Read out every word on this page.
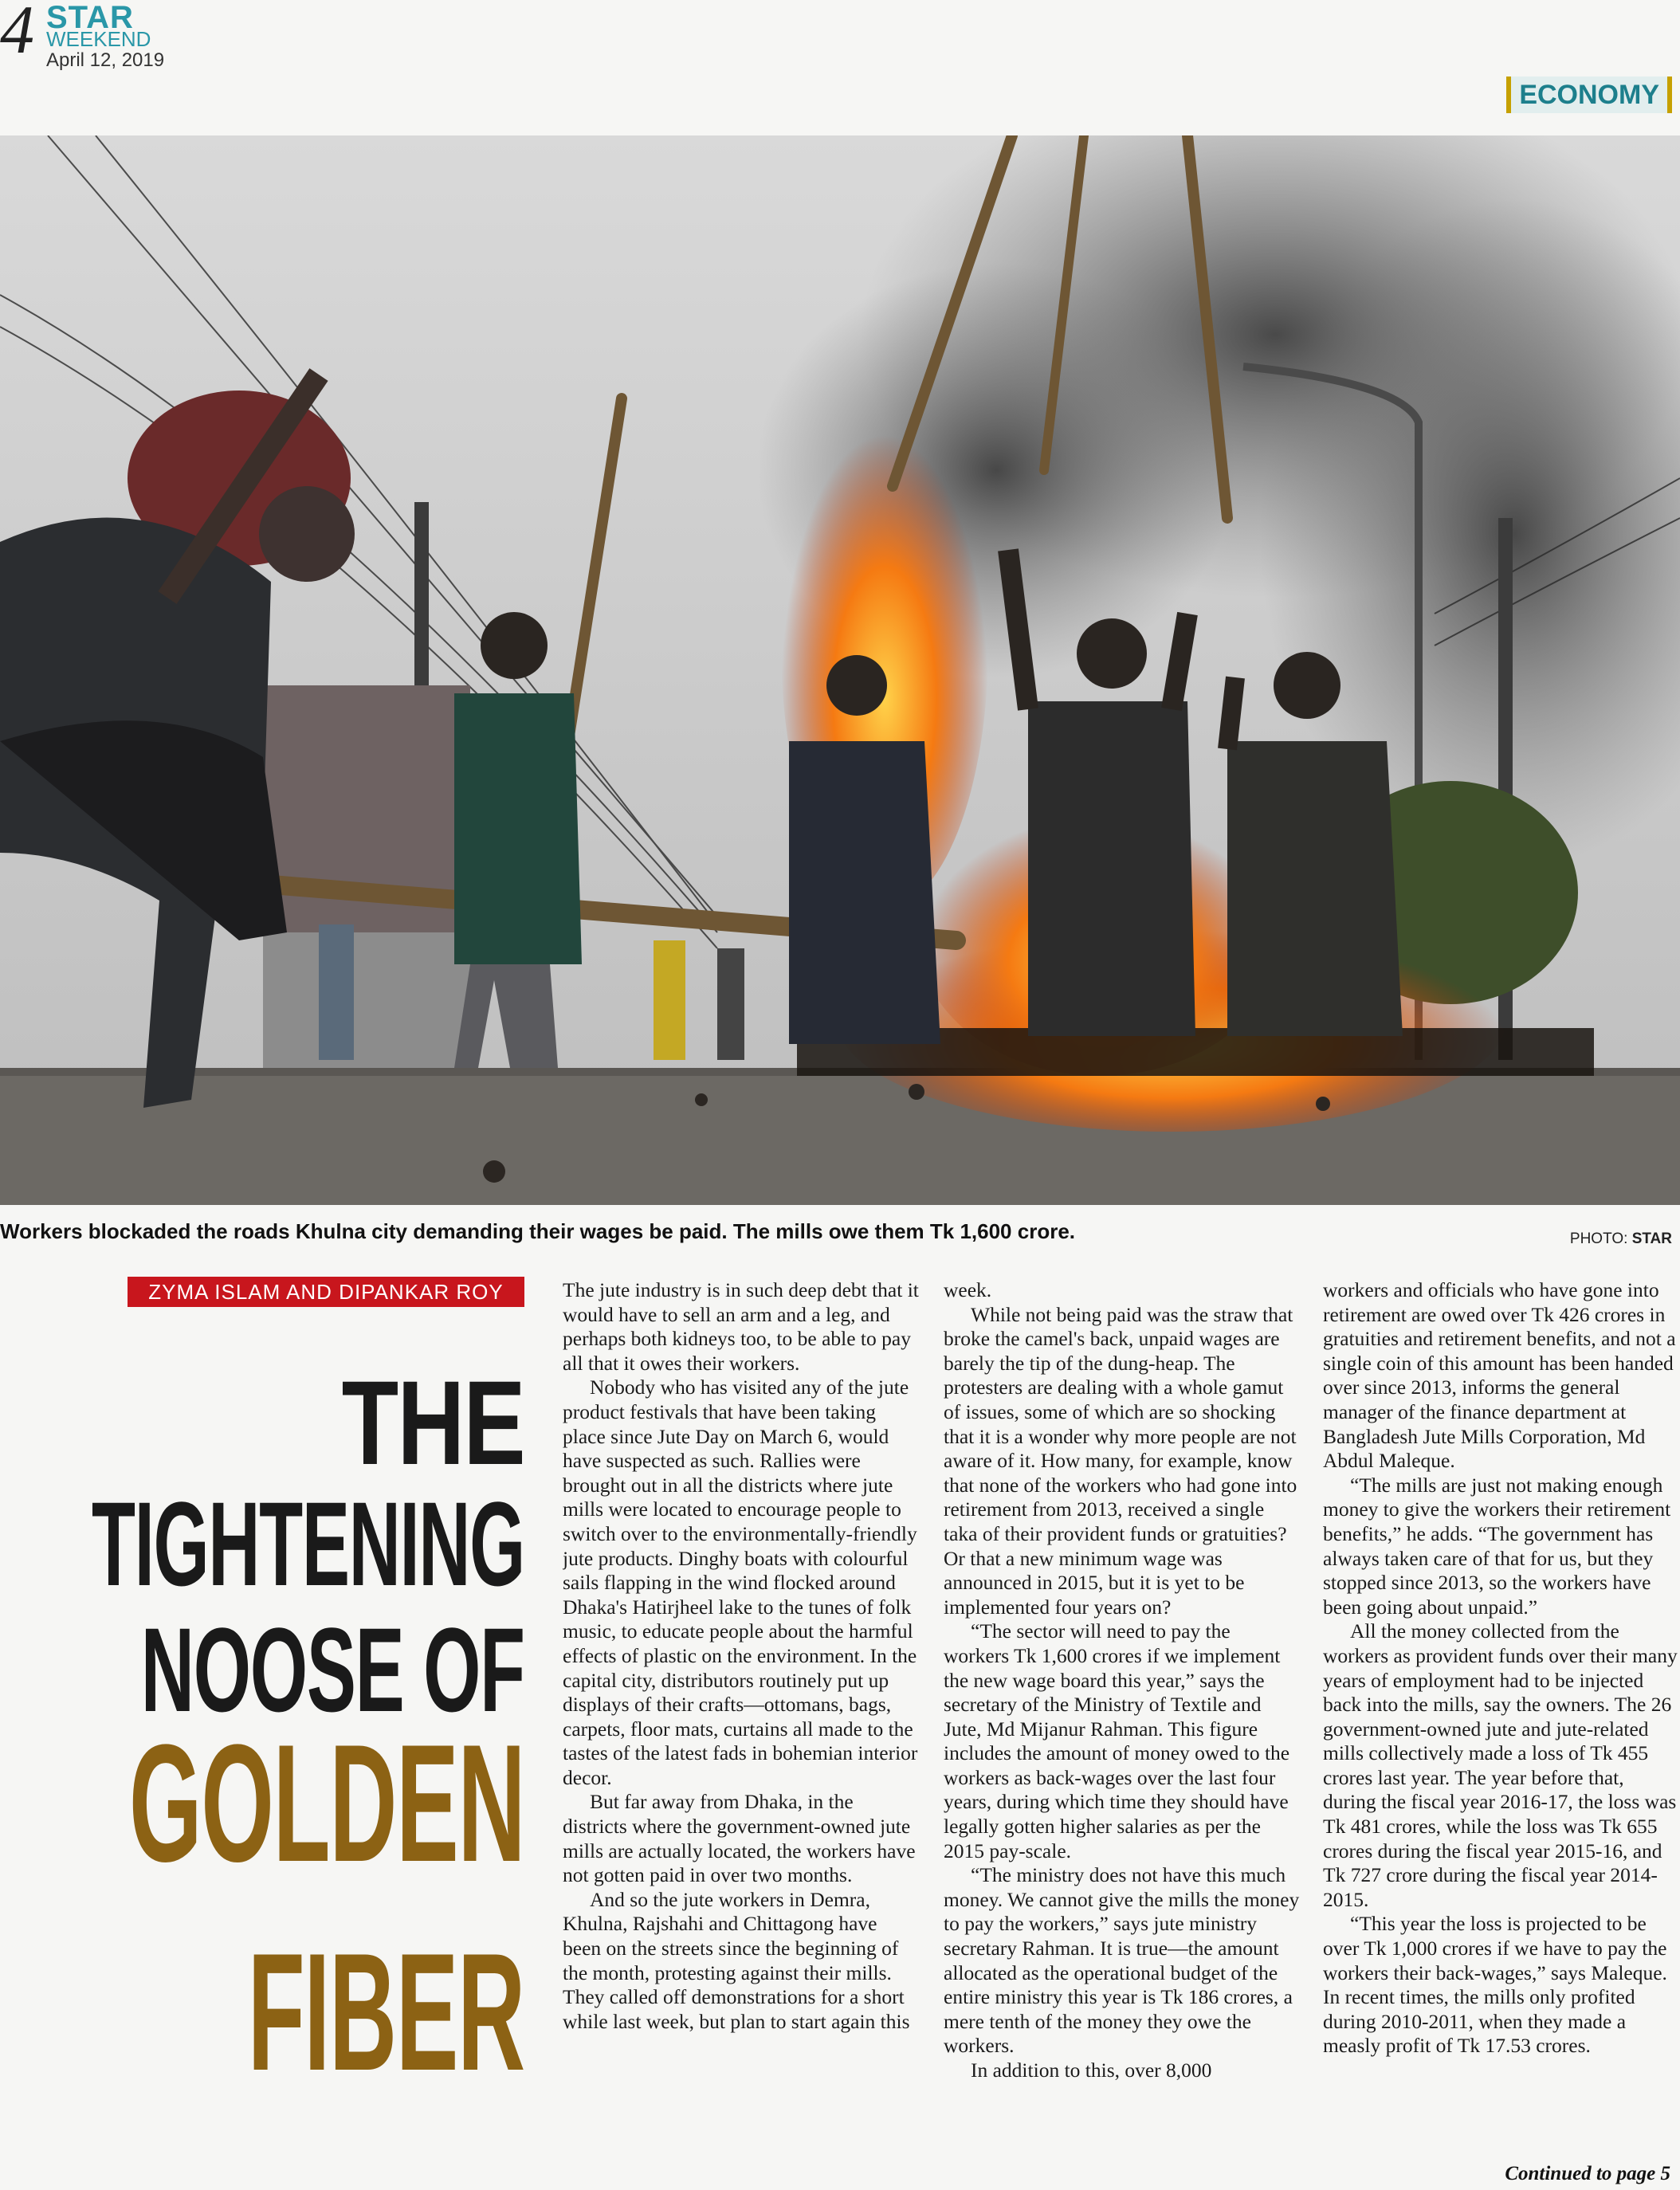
4 STAR
WEEKEND
April 12, 2019
ECONOMY
Workers blockaded the roads Khulna city demanding their wages be paid. The mills owe them Tk 1,600 crore.	PHOTO: STAR
ZYMA ISLAM AND DIPANKAR ROY
THE
TIGHTENING
NOOSE OF
GOLDEN
FIBER

The jute industry is in such deep debt that it would have to sell an arm and a leg, and perhaps both kidneys too, to be able to pay all that it owes their workers.

Nobody who has visited any of the jute product festivals that have been taking place since Jute Day on March 6, would have suspected as such. Rallies were brought out in all the districts where jute mills were located to encourage people to switch over to the environmentally-friendly jute products. Dinghy boats with colourful sails flapping in the wind flocked around Dhaka's Hatirjheel lake to the tunes of folk music, to educate people about the harmful effects of plastic on the environment. In the capital city, distributors routinely put up displays of their crafts—ottomans, bags, carpets, floor mats, curtains all made to the tastes of the latest fads in bohemian interior decor.

But far away from Dhaka, in the districts where the government-owned jute mills are actually located, the workers have not gotten paid in over two months.

And so the jute workers in Demra, Khulna, Rajshahi and Chittagong have been on the streets since the beginning of the month, protesting against their mills. They called off demonstrations for a short while last week, but plan to start again this

week.

While not being paid was the straw that broke the camel's back, unpaid wages are barely the tip of the dung-heap. The protesters are dealing with a whole gamut of issues, some of which are so shocking that it is a wonder why more people are not aware of it. How many, for example, know that none of the workers who had gone into retirement from 2013, received a single taka of their provident funds or gratuities? Or that a new minimum wage was announced in 2015, but it is yet to be implemented four years on?

“The sector will need to pay the workers Tk 1,600 crores if we implement the new wage board this year,” says the secretary of the Ministry of Textile and Jute, Md Mijanur Rahman. This figure includes the amount of money owed to the workers as back-wages over the last four years, during which time they should have legally gotten higher salaries as per the 2015 pay-scale.

“The ministry does not have this much money. We cannot give the mills the money to pay the workers,” says jute ministry secretary Rahman. It is true—the amount allocated as the operational budget of the entire ministry this year is Tk 186 crores, a mere tenth of the money they owe the workers.

In addition to this, over 8,000

workers and officials who have gone into retirement are owed over Tk 426 crores in gratuities and retirement benefits, and not a single coin of this amount has been handed over since 2013, informs the general manager of the finance department at Bangladesh Jute Mills Corporation, Md Abdul Maleque.

“The mills are just not making enough money to give the workers their retirement benefits,” he adds. “The government has always taken care of that for us, but they stopped since 2013, so the workers have been going about unpaid.”

All the money collected from the workers as provident funds over their many years of employment had to be injected back into the mills, say the owners. The 26 government-owned jute and jute-related mills collectively made a loss of Tk 455 crores last year. The year before that, during the fiscal year 2016-17, the loss was Tk 481 crores, while the loss was Tk 655 crores during the fiscal year 2015-16, and Tk 727 crore during the fiscal year 2014-2015.

“This year the loss is projected to be over Tk 1,000 crores if we have to pay the workers their back-wages,” says Maleque. In recent times, the mills only profited during 2010-2011, when they made a measly profit of Tk 17.53 crores.

Continued to page 5
